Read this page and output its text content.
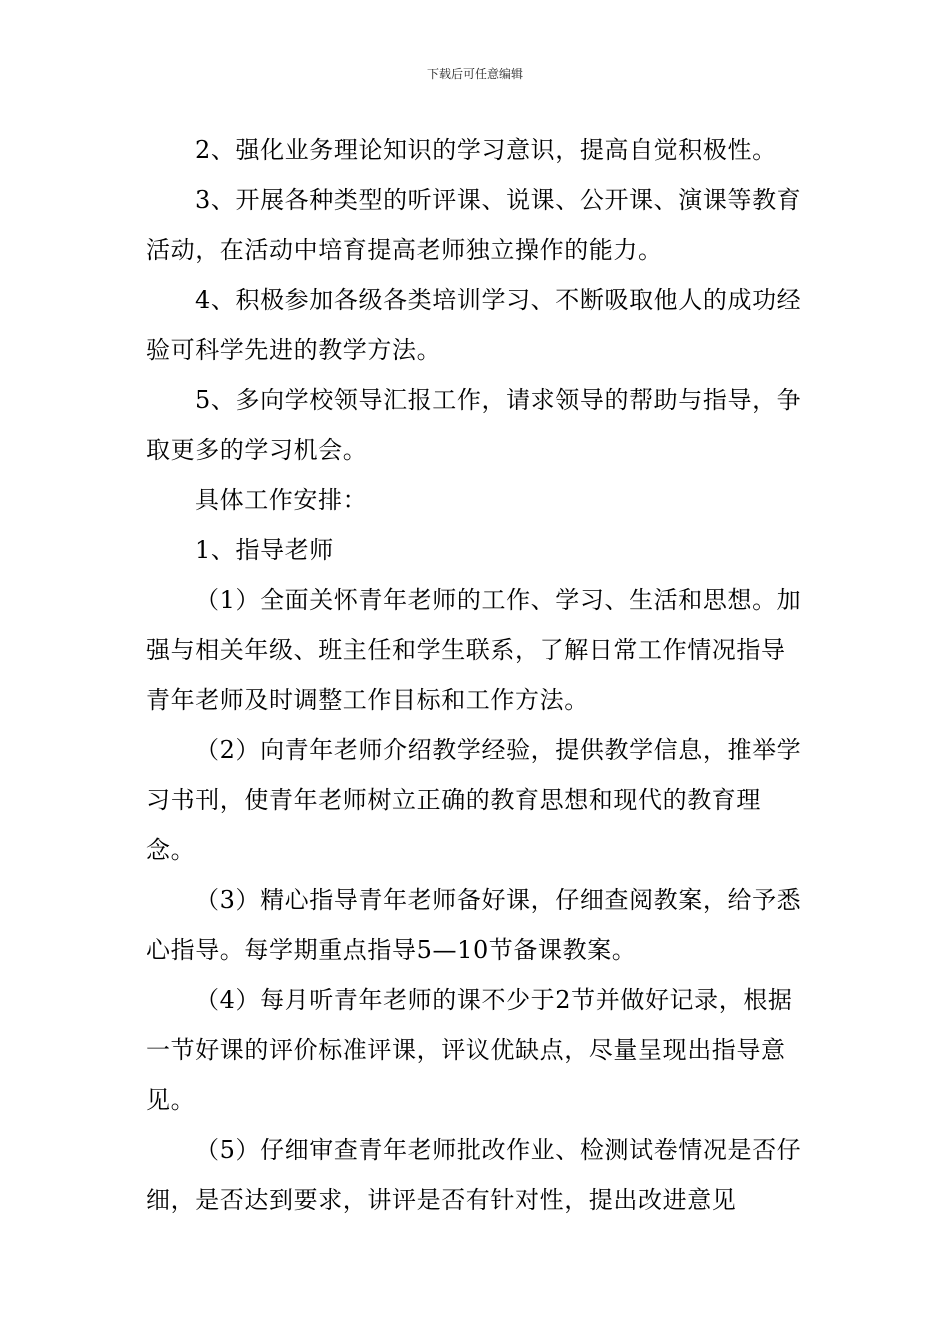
下载后可任意编辑

2、强化业务理论知识的学习意识，提高自觉积极性。

3、开展各种类型的听评课、说课、公开课、演课等教育活动，在活动中培育提高老师独立操作的能力。

4、积极参加各级各类培训学习、不断吸取他人的成功经验可科学先进的教学方法。

5、多向学校领导汇报工作，请求领导的帮助与指导，争取更多的学习机会。

具体工作安排：

1、指导老师

（1）全面关怀青年老师的工作、学习、生活和思想。加强与相关年级、班主任和学生联系，了解日常工作情况指导青年老师及时调整工作目标和工作方法。

（2）向青年老师介绍教学经验，提供教学信息，推举学习书刊，使青年老师树立正确的教育思想和现代的教育理念。

（3）精心指导青年老师备好课，仔细查阅教案，给予悉心指导。每学期重点指导5—10节备课教案。

（4）每月听青年老师的课不少于2节并做好记录，根据一节好课的评价标准评课，评议优缺点，尽量呈现出指导意见。

（5）仔细审查青年老师批改作业、检测试卷情况是否仔细，是否达到要求，讲评是否有针对性，提出改进意见
